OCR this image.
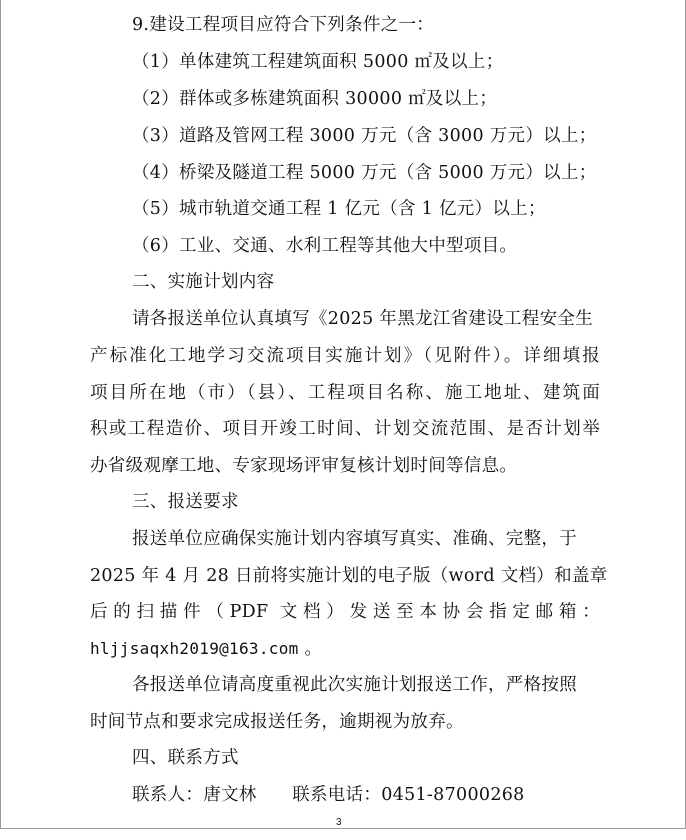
9.建设工程项目应符合下列条件之一：
（1）单体建筑工程建筑面积 5000 ㎡及以上；
（2）群体或多栋建筑面积 30000 ㎡及以上；
（3）道路及管网工程 3000 万元（含 3000 万元）以上；
（4）桥梁及隧道工程 5000 万元（含 5000 万元）以上；
（5）城市轨道交通工程 1 亿元（含 1 亿元）以上；
（6）工业、交通、水利工程等其他大中型项目。
二、实施计划内容
请各报送单位认真填写《2025 年黑龙江省建设工程安全生
产标准化工地学习交流项目实施计划》（见附件）。详细填报
项目所在地（市）（县）、工程项目名称、施工地址、建筑面
积或工程造价、项目开竣工时间、计划交流范围、是否计划举
办省级观摩工地、专家现场评审复核计划时间等信息。
三、报送要求
报送单位应确保实施计划内容填写真实、准确、完整，于
2025 年 4 月 28 日前将实施计划的电子版（word 文档）和盖章
后的扫描件（PDF 文档）发送至本协会指定邮箱：
hljjsaqxh2019@163.com 。
各报送单位请高度重视此次实施计划报送工作，严格按照
时间节点和要求完成报送任务，逾期视为放弃。
四、联系方式
联系人：唐文林　　联系电话：0451-87000268
3
